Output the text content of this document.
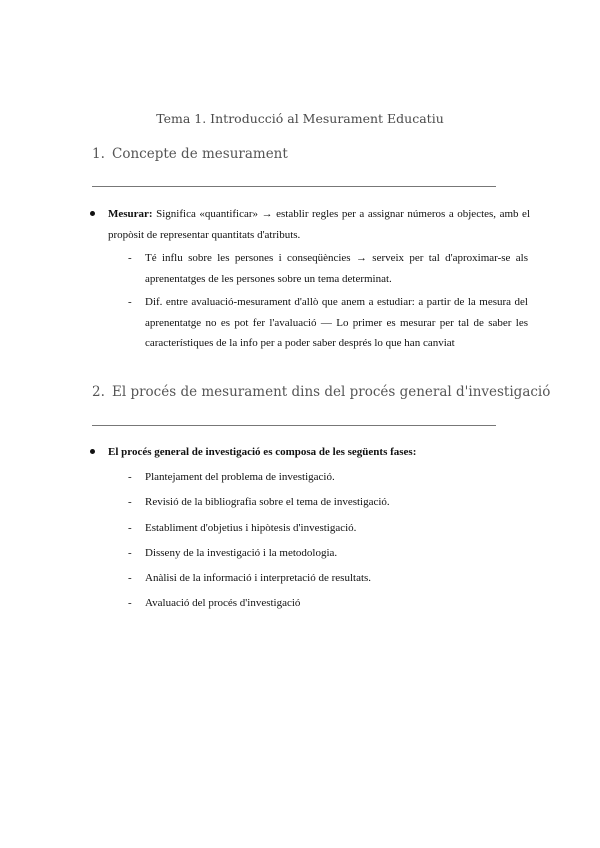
Tema 1. Introducció al Mesurament Educatiu
1. Concepte de mesurament
Mesurar: Significa «quantificar» → establir regles per a assignar números a objectes, amb el propòsit de representar quantitats d'atributs.
- Té influ sobre les persones i conseqüències → serveix per tal d'aproximar-se als aprenentatges de les persones sobre un tema determinat.
- Dif. entre avaluació-mesurament d'allò que anem a estudiar: a partir de la mesura del aprenentatge no es pot fer l'avaluació — Lo primer es mesurar per tal de saber les característiques de la info per a poder saber després lo que han canviat
2. El procés de mesurament dins del procés general d'investigació
El procés general de investigació es composa de les següents fases:
- Plantejament del problema de investigació.
- Revisió de la bibliografia sobre el tema de investigació.
- Establiment d'objetius i hipòtesis d'investigació.
- Disseny de la investigació i la metodologia.
- Anàlisi de la informació i interpretació de resultats.
- Avaluació del procés d'investigació
